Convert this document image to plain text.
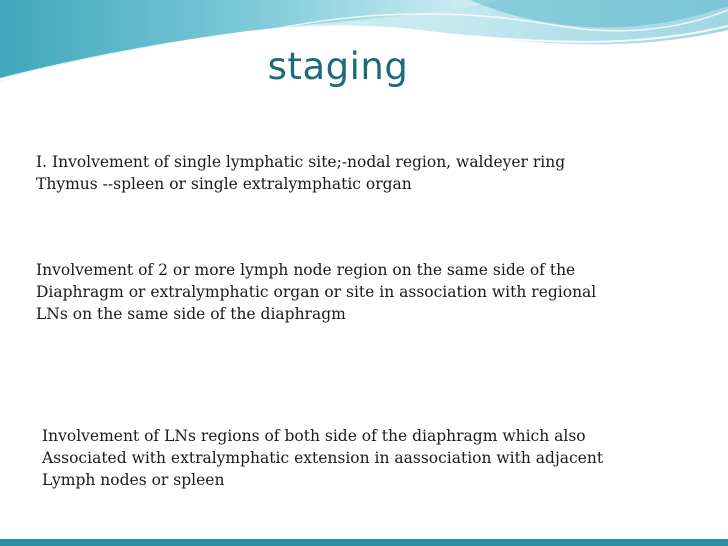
staging
I. Involvement of single lymphatic site;-nodal region, waldeyer ring
Thymus --spleen or single extralymphatic organ
Involvement of 2 or more lymph node region on the same side of the
Diaphragm or extralymphatic organ or site in association with regional
LNs on the same side of the diaphragm
Involvement of LNs regions of both side of the diaphragm which also
Associated with extralymphatic extension in aassociation with adjacent
Lymph nodes or spleen
